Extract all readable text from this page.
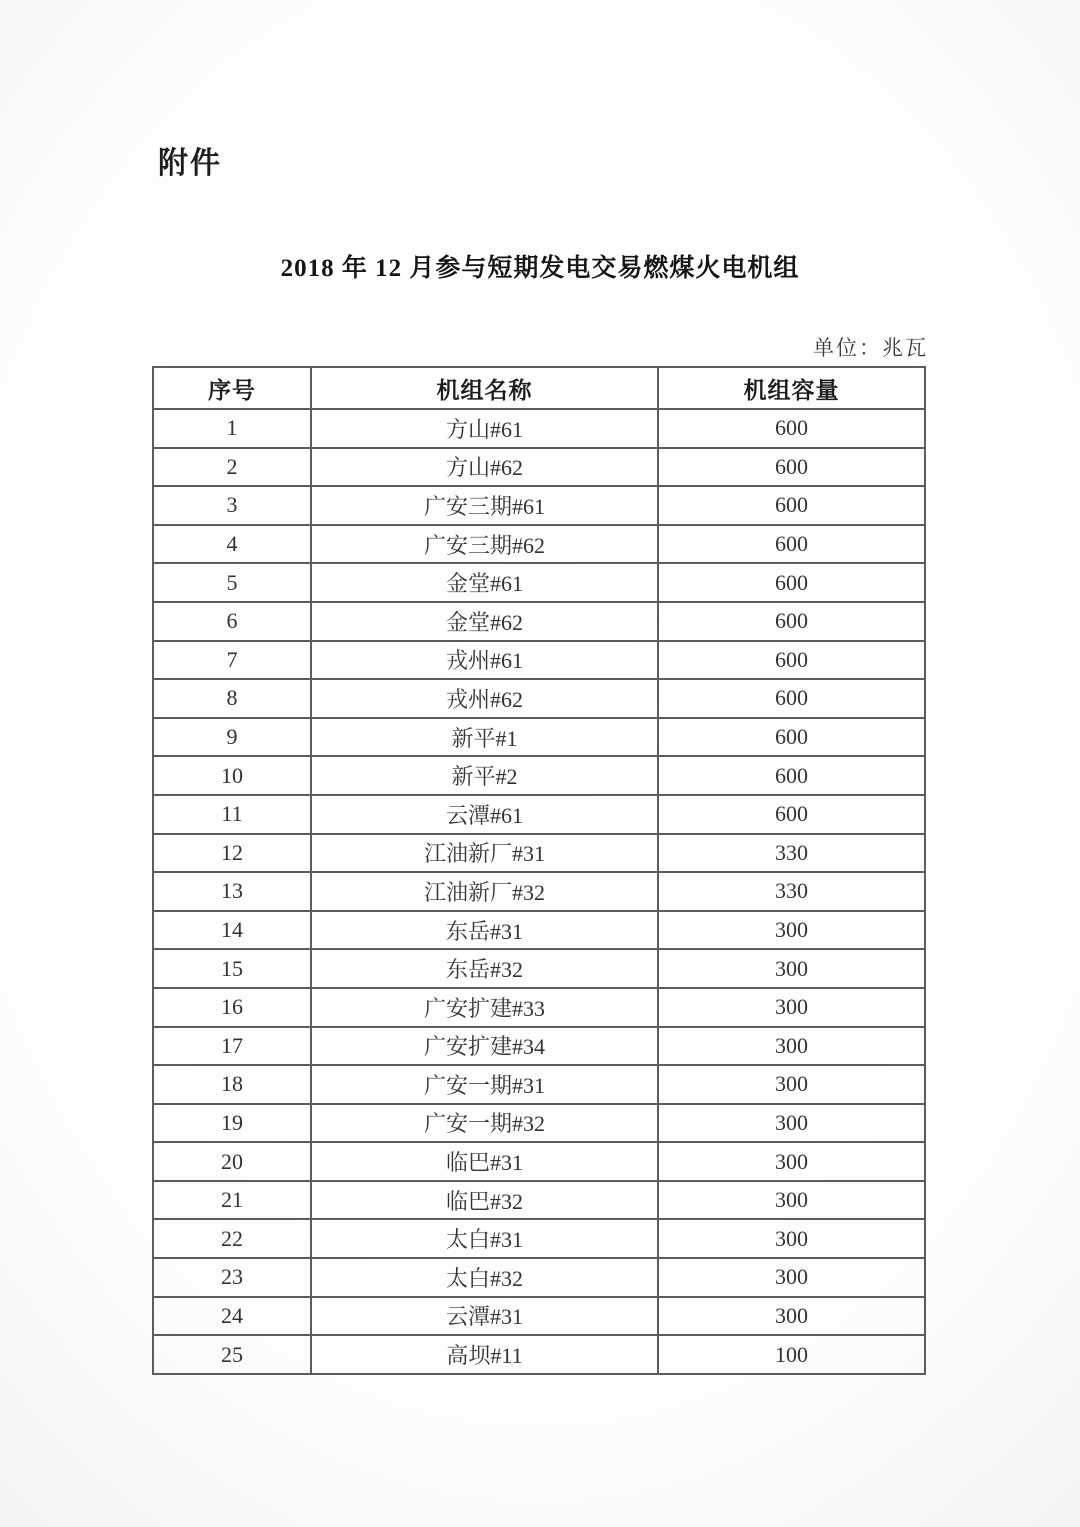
附件
2018 年 12 月参与短期发电交易燃煤火电机组
单位：兆瓦
序号	机组名称	机组容量
1	方山#61	600
2	方山#62	600
3	广安三期#61	600
4	广安三期#62	600
5	金堂#61	600
6	金堂#62	600
7	戎州#61	600
8	戎州#62	600
9	新平#1	600
10	新平#2	600
11	云潭#61	600
12	江油新厂#31	330
13	江油新厂#32	330
14	东岳#31	300
15	东岳#32	300
16	广安扩建#33	300
17	广安扩建#34	300
18	广安一期#31	300
19	广安一期#32	300
20	临巴#31	300
21	临巴#32	300
22	太白#31	300
23	太白#32	300
24	云潭#31	300
25	高坝#11	100
